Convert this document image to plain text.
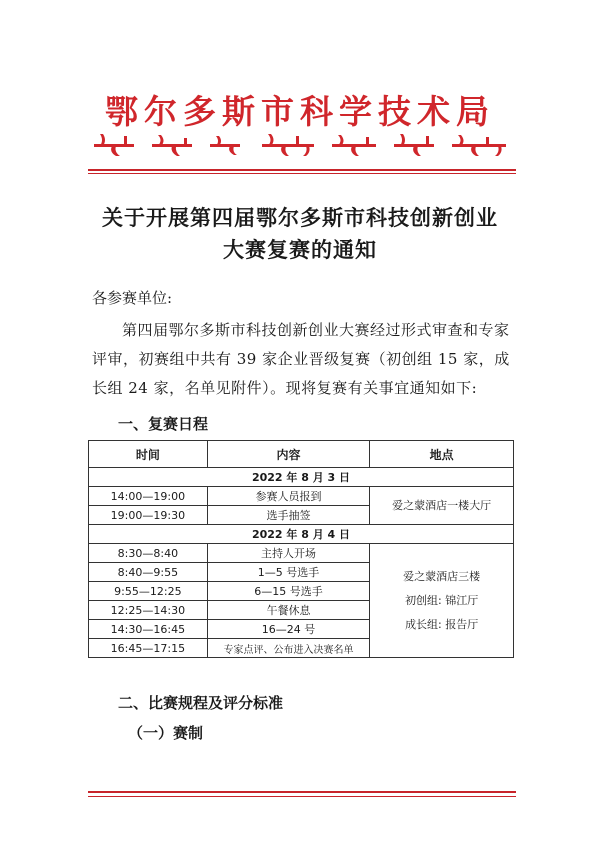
鄂尔多斯市科学技术局
关于开展第四届鄂尔多斯市科技创新创业
大赛复赛的通知
各参赛单位:
第四届鄂尔多斯市科技创新创业大赛经过形式审查和专家评审，初赛组中共有 39 家企业晋级复赛（初创组 15 家，成长组 24 家，名单见附件）。现将复赛有关事宜通知如下:
一、复赛日程
时间	内容	地点
2022 年 8 月 3 日		
14:00—19:00	参赛人员报到	爱之蒙酒店一楼大厅
19:00—19:30	选手抽签	
2022 年 8 月 4 日		
8:30—8:40	主持人开场	爱之蒙酒店三楼
初创组: 锦江厅
成长组: 报告厅

8:40—9:55	1—5 号选手	
9:55—12:25	6—15 号选手	
12:25—14:30	午餐休息	
14:30—16:45	16—24 号	
16:45—17:15	专家点评、公布进入决赛名单	
二、比赛规程及评分标准
（一）赛制
